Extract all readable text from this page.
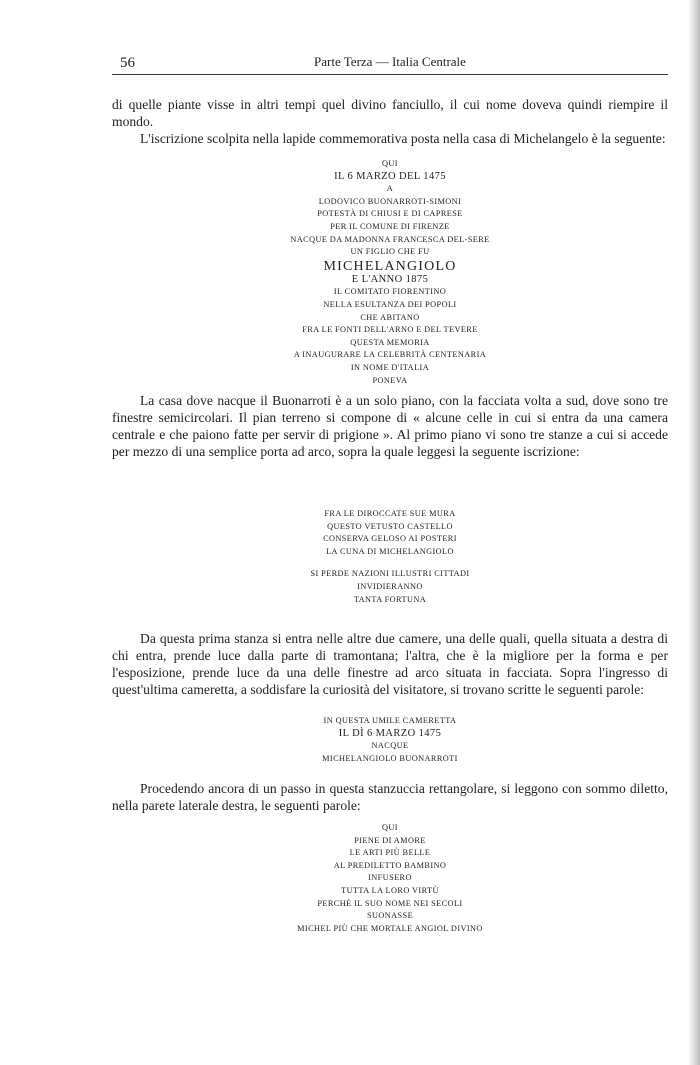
56	Parte Terza — Italia Centrale

di quelle piante visse in altri tempi quel divino fanciullo, il cui nome doveva quindi riempire il mondo.

L'iscrizione scolpita nella lapide commemorativa posta nella casa di Michelangelo è la seguente:

QUI
IL 6 MARZO DEL 1475
A
LODOVICO BUONARROTI-SIMONI
POTESTÀ DI CHIUSI E DI CAPRESE
PER IL COMUNE DI FIRENZE
NACQUE DA MADONNA FRANCESCA DEL-SERE
UN FIGLIO CHE FU
MICHELANGIOLO
E L'ANNO 1875
IL COMITATO FIORENTINO
NELLA ESULTANZA DEI POPOLI
CHE ABITANO
FRA LE FONTI DELL'ARNO E DEL TEVERE
QUESTA MEMORIA
A INAUGURARE LA CELEBRITÀ CENTENARIA
IN NOME D'ITALIA
PONEVA

La casa dove nacque il Buonarroti è a un solo piano, con la facciata volta a sud, dove sono tre finestre semicircolari. Il pian terreno si compone di « alcune celle in cui si entra da una camera centrale e che paiono fatte per servir di prigione ». Al primo piano vi sono tre stanze a cui si accede per mezzo di una semplice porta ad arco, sopra la quale leggesi la seguente iscrizione:

FRA LE DIROCCATE SUE MURA
QUESTO VETUSTO CASTELLO
CONSERVA GELOSO AI POSTERI
LA CUNA DI MICHELANGIOLO
SI PERDE NAZIONI ILLUSTRI CITTADI
INVIDIERANNO
TANTA FORTUNA

Da questa prima stanza si entra nelle altre due camere, una delle quali, quella situata a destra di chi entra, prende luce dalla parte di tramontana; l'altra, che è la migliore per la forma e per l'esposizione, prende luce da una delle finestre ad arco situata in facciata. Sopra l'ingresso di quest'ultima cameretta, a soddisfare la curiosità del visitatore, si trovano scritte le seguenti parole:

IN QUESTA UMILE CAMERETTA
IL DÌ 6 MARZO 1475
NACQUE
MICHELANGIOLO BUONARROTI

Procedendo ancora di un passo in questa stanzuccia rettangolare, si leggono con sommo diletto, nella parete laterale destra, le seguenti parole:

QUI
PIENE DI AMORE
LE ARTI PIÙ BELLE
AL PREDILETTO BAMBINO
INFUSERO
TUTTA LA LORO VIRTÙ
PERCHÈ IL SUO NOME NEI SECOLI
SUONASSE
MICHEL PIÙ CHE MORTALE ANGIOL DIVINO
